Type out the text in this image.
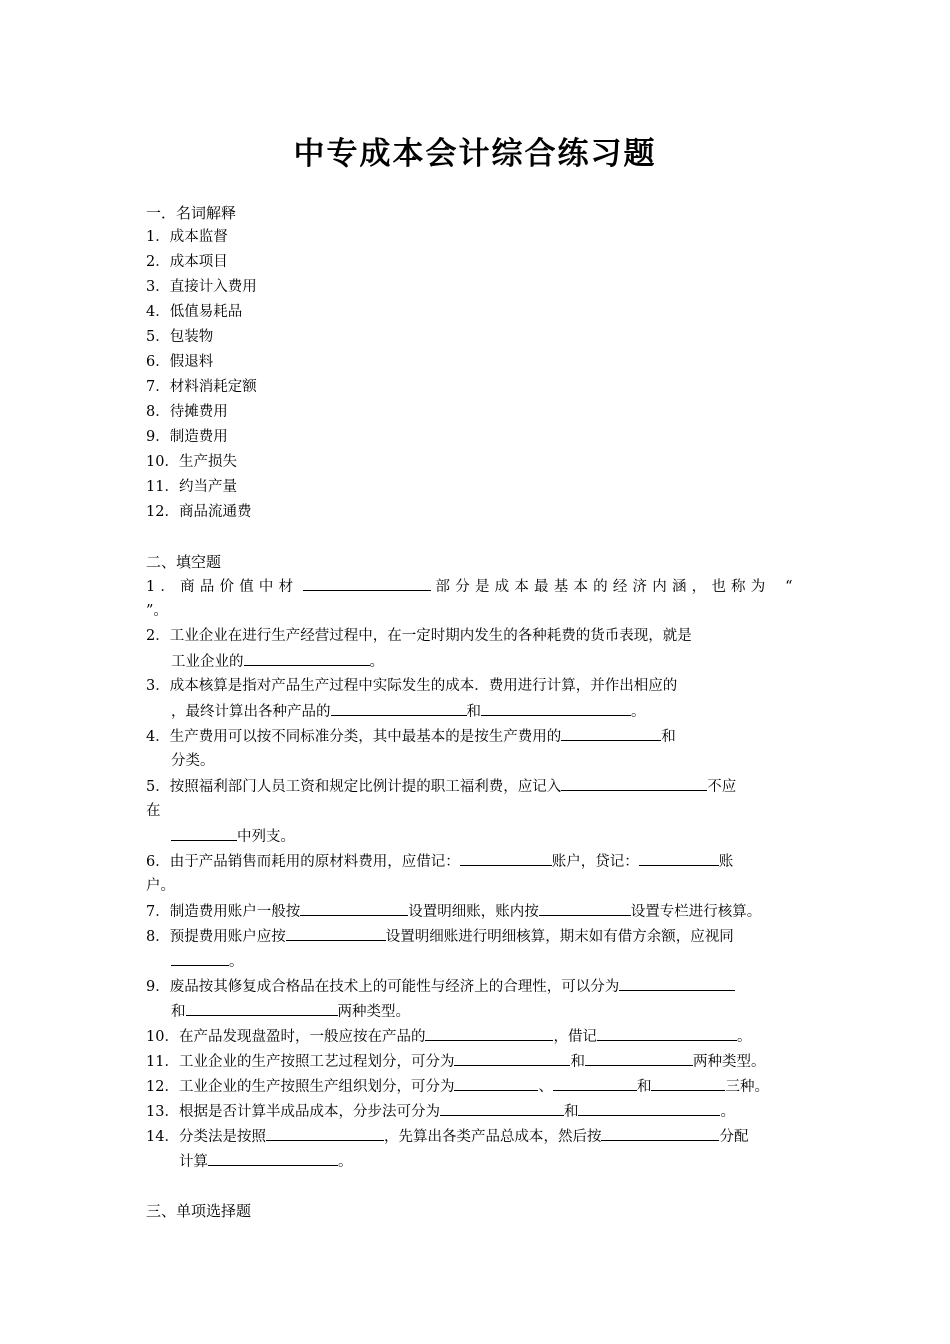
中专成本会计综合练习题
一．名词解释
1．成本监督
2．成本项目
3．直接计入费用
4．低值易耗品
5．包装物
6．假退料
7．材料消耗定额
8．待摊费用
9．制造费用
10．生产损失
11．约当产量
12．商品流通费
二、填空题
1．商品价值中材	部分是成本最基本的经济内涵，也称为 “
”。
2．工业企业在进行生产经营过程中，在一定时期内发生的各种耗费的货币表现，就是
工业企业的	。
3．成本核算是指对产品生产过程中实际发生的成本．费用进行计算，并作出相应的
，最终计算出各种产品的	和	。
4．生产费用可以按不同标准分类，其中最基本的是按生产费用的	和
分类。
5．按照福利部门人员工资和规定比例计提的职工福利费，应记入	不应
在
中列支。
6．由于产品销售而耗用的原材料费用，应借记：	账户，贷记：	账
户。
7．制造费用账户一般按	设置明细账，账内按	设置专栏进行核算。
8．预提费用账户应按	设置明细账进行明细核算，期末如有借方余额，应视同
。
9．废品按其修复成合格品在技术上的可能性与经济上的合理性，可以分为
和	两种类型。
10．在产品发现盘盈时，一般应按在产品的	，借记	。
11．工业企业的生产按照工艺过程划分，可分为	和	两种类型。
12．工业企业的生产按照生产组织划分，可分为	、	和	三种。
13．根据是否计算半成品成本，分步法可分为	和	。
14．分类法是按照	，先算出各类产品总成本，然后按	分配
计算	。
三、单项选择题
